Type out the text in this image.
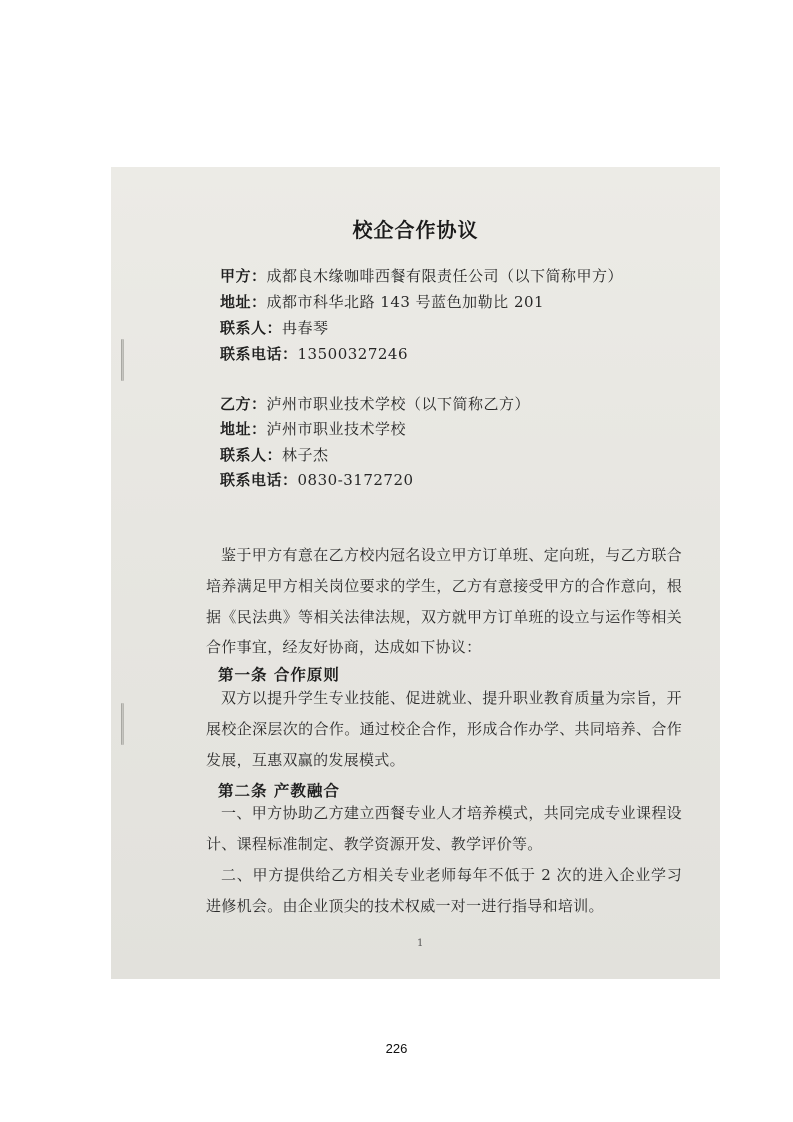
校企合作协议
甲方：成都良木缘咖啡西餐有限责任公司（以下简称甲方）
地址：成都市科华北路 143 号蓝色加勒比 201
联系人：冉春琴
联系电话：13500327246
乙方：泸州市职业技术学校（以下简称乙方）
地址：泸州市职业技术学校
联系人：林子杰
联系电话：0830-3172720
鉴于甲方有意在乙方校内冠名设立甲方订单班、定向班，与乙方联合培养满足甲方相关岗位要求的学生，乙方有意接受甲方的合作意向，根据《民法典》等相关法律法规，双方就甲方订单班的设立与运作等相关合作事宜，经友好协商，达成如下协议：
第一条 合作原则
双方以提升学生专业技能、促进就业、提升职业教育质量为宗旨，开展校企深层次的合作。通过校企合作，形成合作办学、共同培养、合作发展，互惠双赢的发展模式。
第二条 产教融合
一、甲方协助乙方建立西餐专业人才培养模式，共同完成专业课程设计、课程标准制定、教学资源开发、教学评价等。
二、甲方提供给乙方相关专业老师每年不低于 2 次的进入企业学习进修机会。由企业顶尖的技术权威一对一进行指导和培训。
1
226
